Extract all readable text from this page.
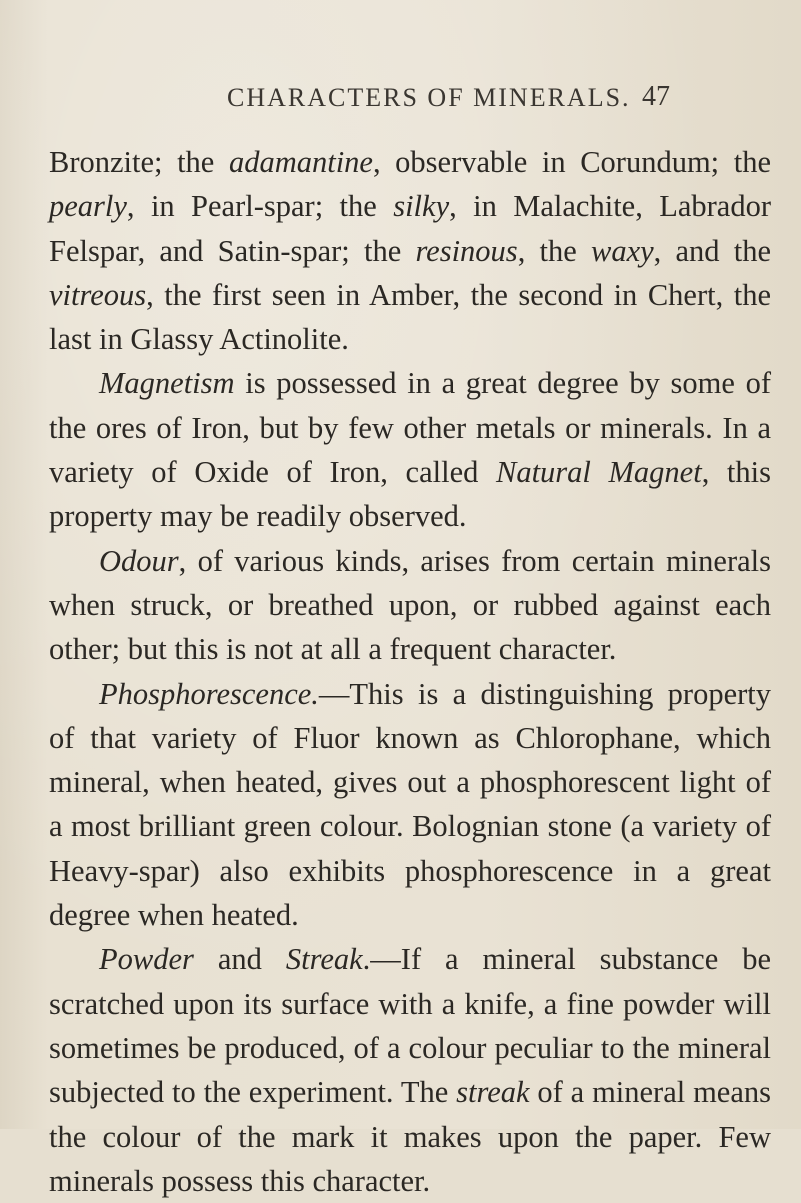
CHARACTERS OF MINERALS. 47

Bronzite; the adamantine, observable in Corundum; the pearly, in Pearl-spar; the silky, in Malachite, Labrador Felspar, and Satin-spar; the resinous, the waxy, and the vitreous, the first seen in Amber, the second in Chert, the last in Glassy Actinolite.

Magnetism is possessed in a great degree by some of the ores of Iron, but by few other metals or minerals. In a variety of Oxide of Iron, called Natural Magnet, this property may be readily observed.

Odour, of various kinds, arises from certain minerals when struck, or breathed upon, or rubbed against each other; but this is not at all a frequent character.

Phosphorescence.—This is a distinguishing property of that variety of Fluor known as Chlorophane, which mineral, when heated, gives out a phosphorescent light of a most brilliant green colour. Bolognian stone (a variety of Heavy-spar) also exhibits phosphorescence in a great degree when heated.

Powder and Streak.—If a mineral substance be scratched upon its surface with a knife, a fine powder will sometimes be produced, of a colour peculiar to the mineral subjected to the experiment. The streak of a mineral means the colour of the mark it makes upon the paper. Few minerals possess this character.
